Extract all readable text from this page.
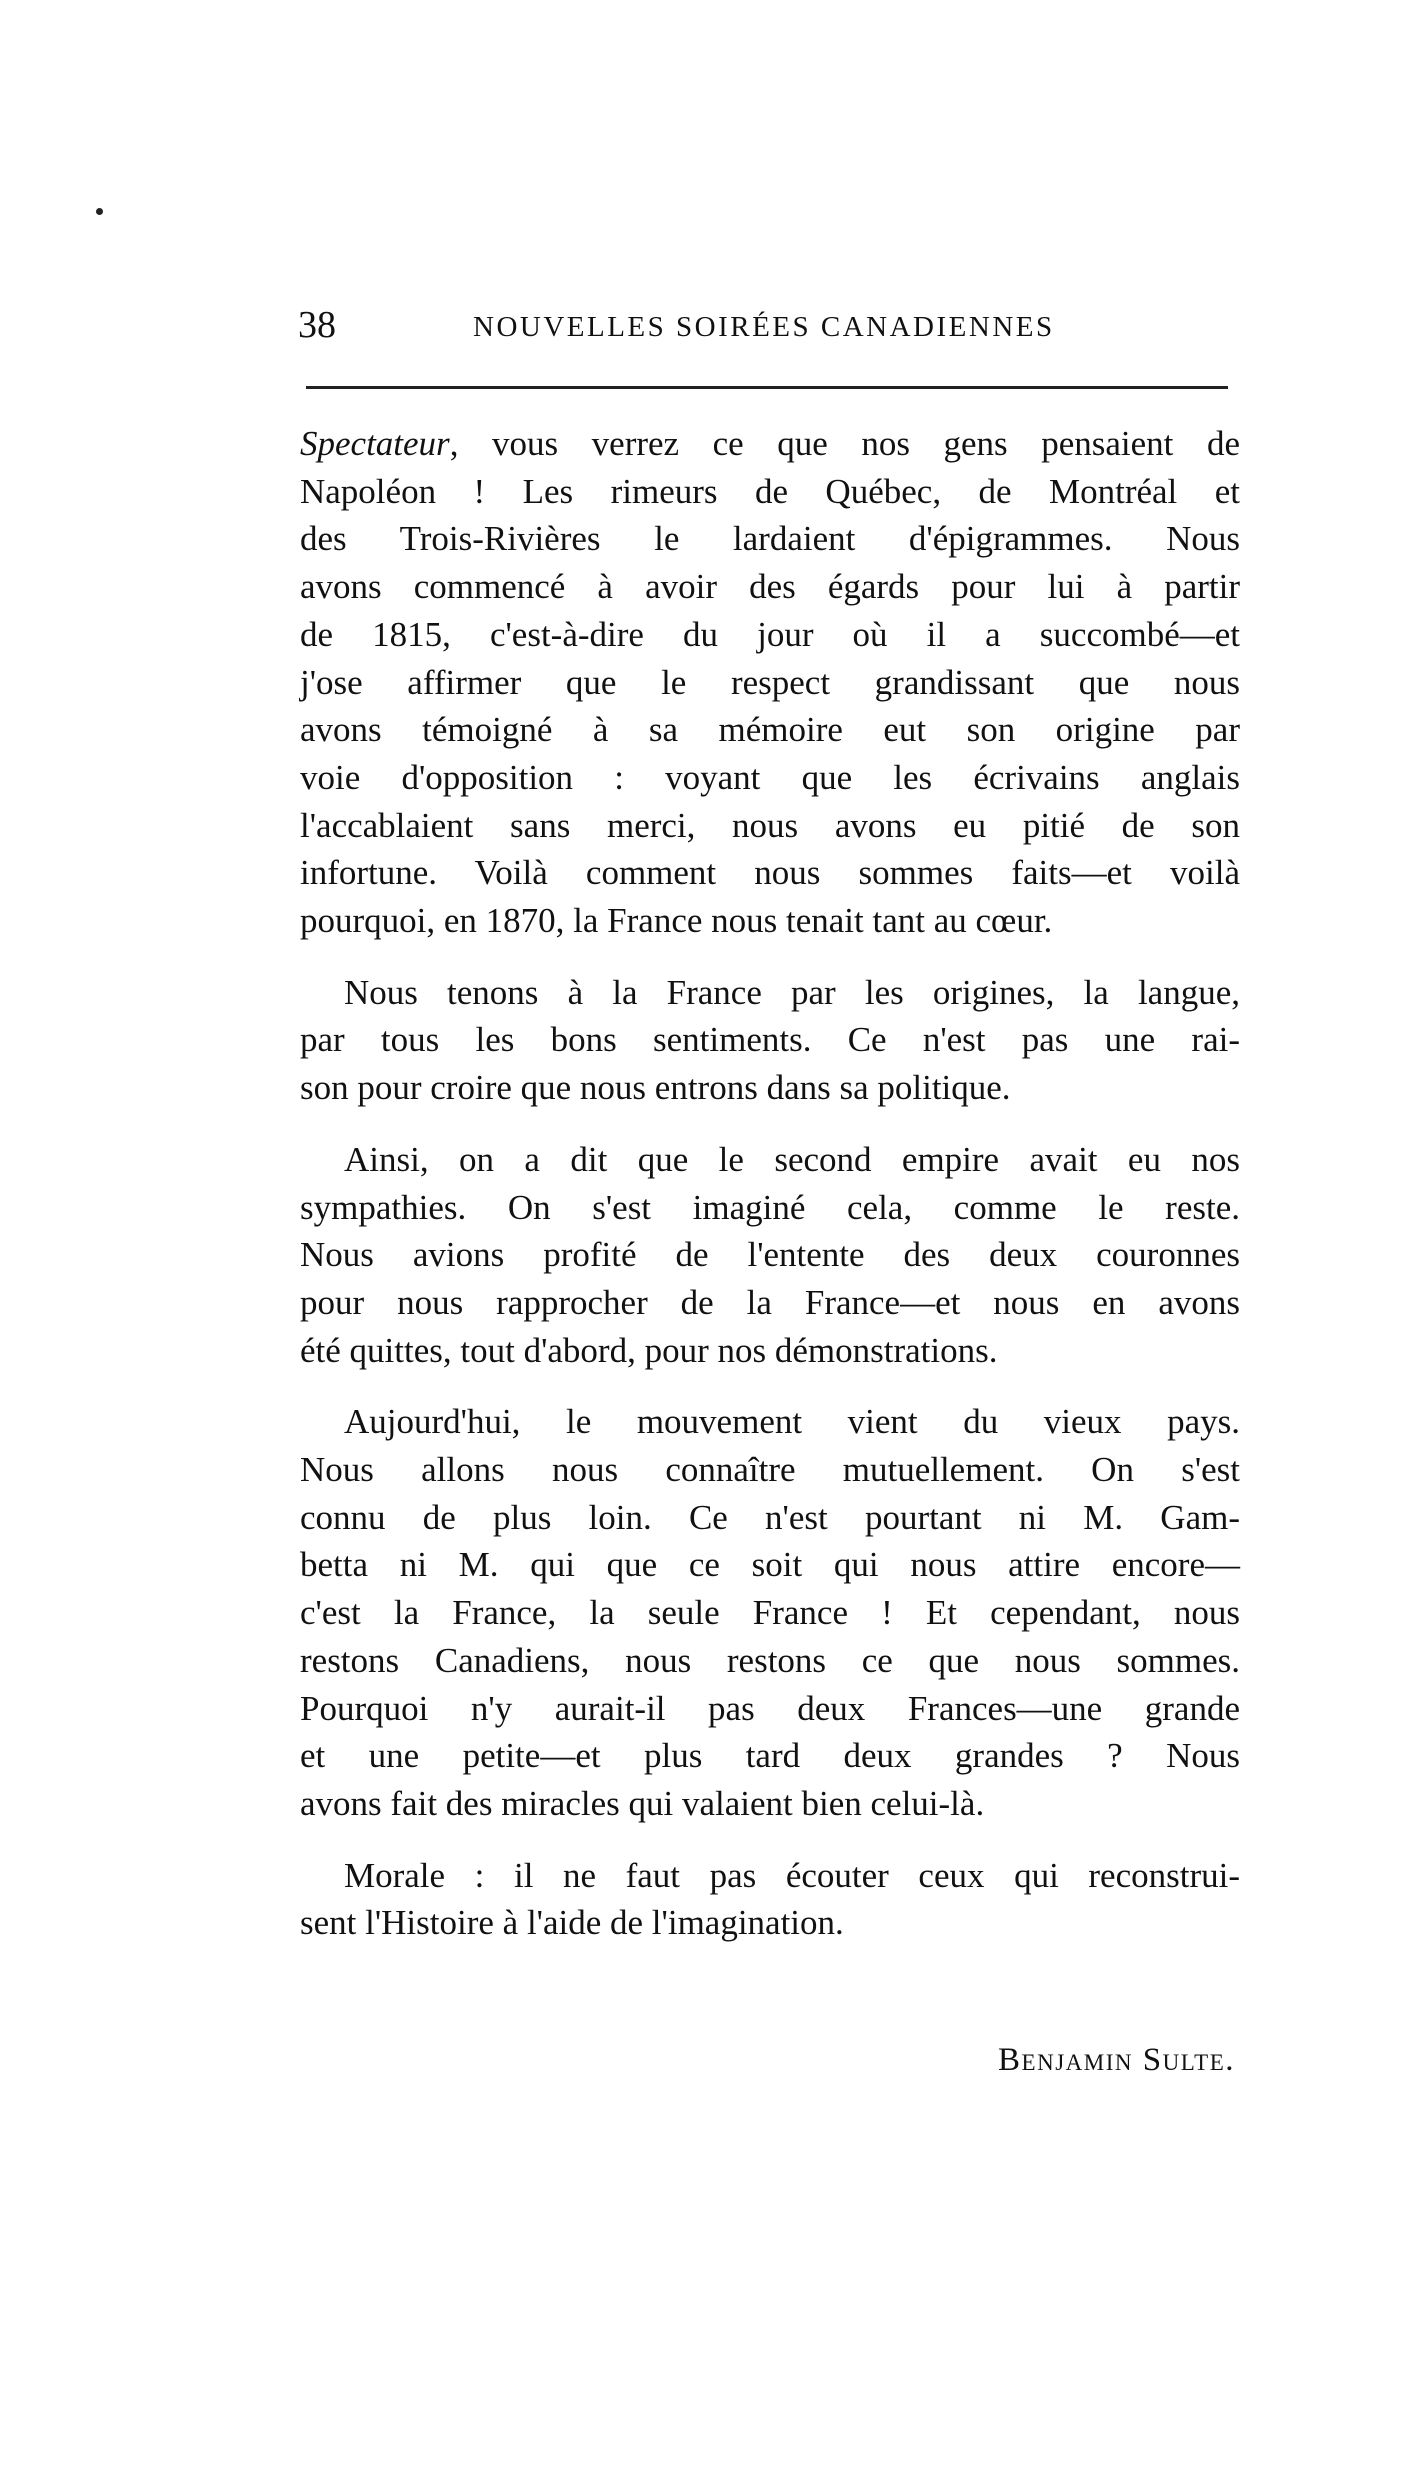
38	NOUVELLES SOIRÉES CANADIENNES
Spectateur, vous verrez ce que nos gens pensaient de
Napoléon ! Les rimeurs de Québec, de Montréal et
des Trois-Rivières le lardaient d'épigrammes. Nous
avons commencé à avoir des égards pour lui à partir
de 1815, c'est-à-dire du jour où il a succombé—et
j'ose affirmer que le respect grandissant que nous
avons témoigné à sa mémoire eut son origine par
voie d'opposition : voyant que les écrivains anglais
l'accablaient sans merci, nous avons eu pitié de son
infortune. Voilà comment nous sommes faits—et voilà
pourquoi, en 1870, la France nous tenait tant au cœur.
Nous tenons à la France par les origines, la langue,
par tous les bons sentiments. Ce n'est pas une rai-
son pour croire que nous entrons dans sa politique.
Ainsi, on a dit que le second empire avait eu nos
sympathies. On s'est imaginé cela, comme le reste.
Nous avions profité de l'entente des deux couronnes
pour nous rapprocher de la France—et nous en avons
été quittes, tout d'abord, pour nos démonstrations.
Aujourd'hui, le mouvement vient du vieux pays.
Nous allons nous connaître mutuellement. On s'est
connu de plus loin. Ce n'est pourtant ni M. Gam-
betta ni M. qui que ce soit qui nous attire encore—
c'est la France, la seule France ! Et cependant, nous
restons Canadiens, nous restons ce que nous sommes.
Pourquoi n'y aurait-il pas deux Frances—une grande
et une petite—et plus tard deux grandes ? Nous
avons fait des miracles qui valaient bien celui-là.
Morale : il ne faut pas écouter ceux qui reconstrui-
sent l'Histoire à l'aide de l'imagination.
Benjamin Sulte.
